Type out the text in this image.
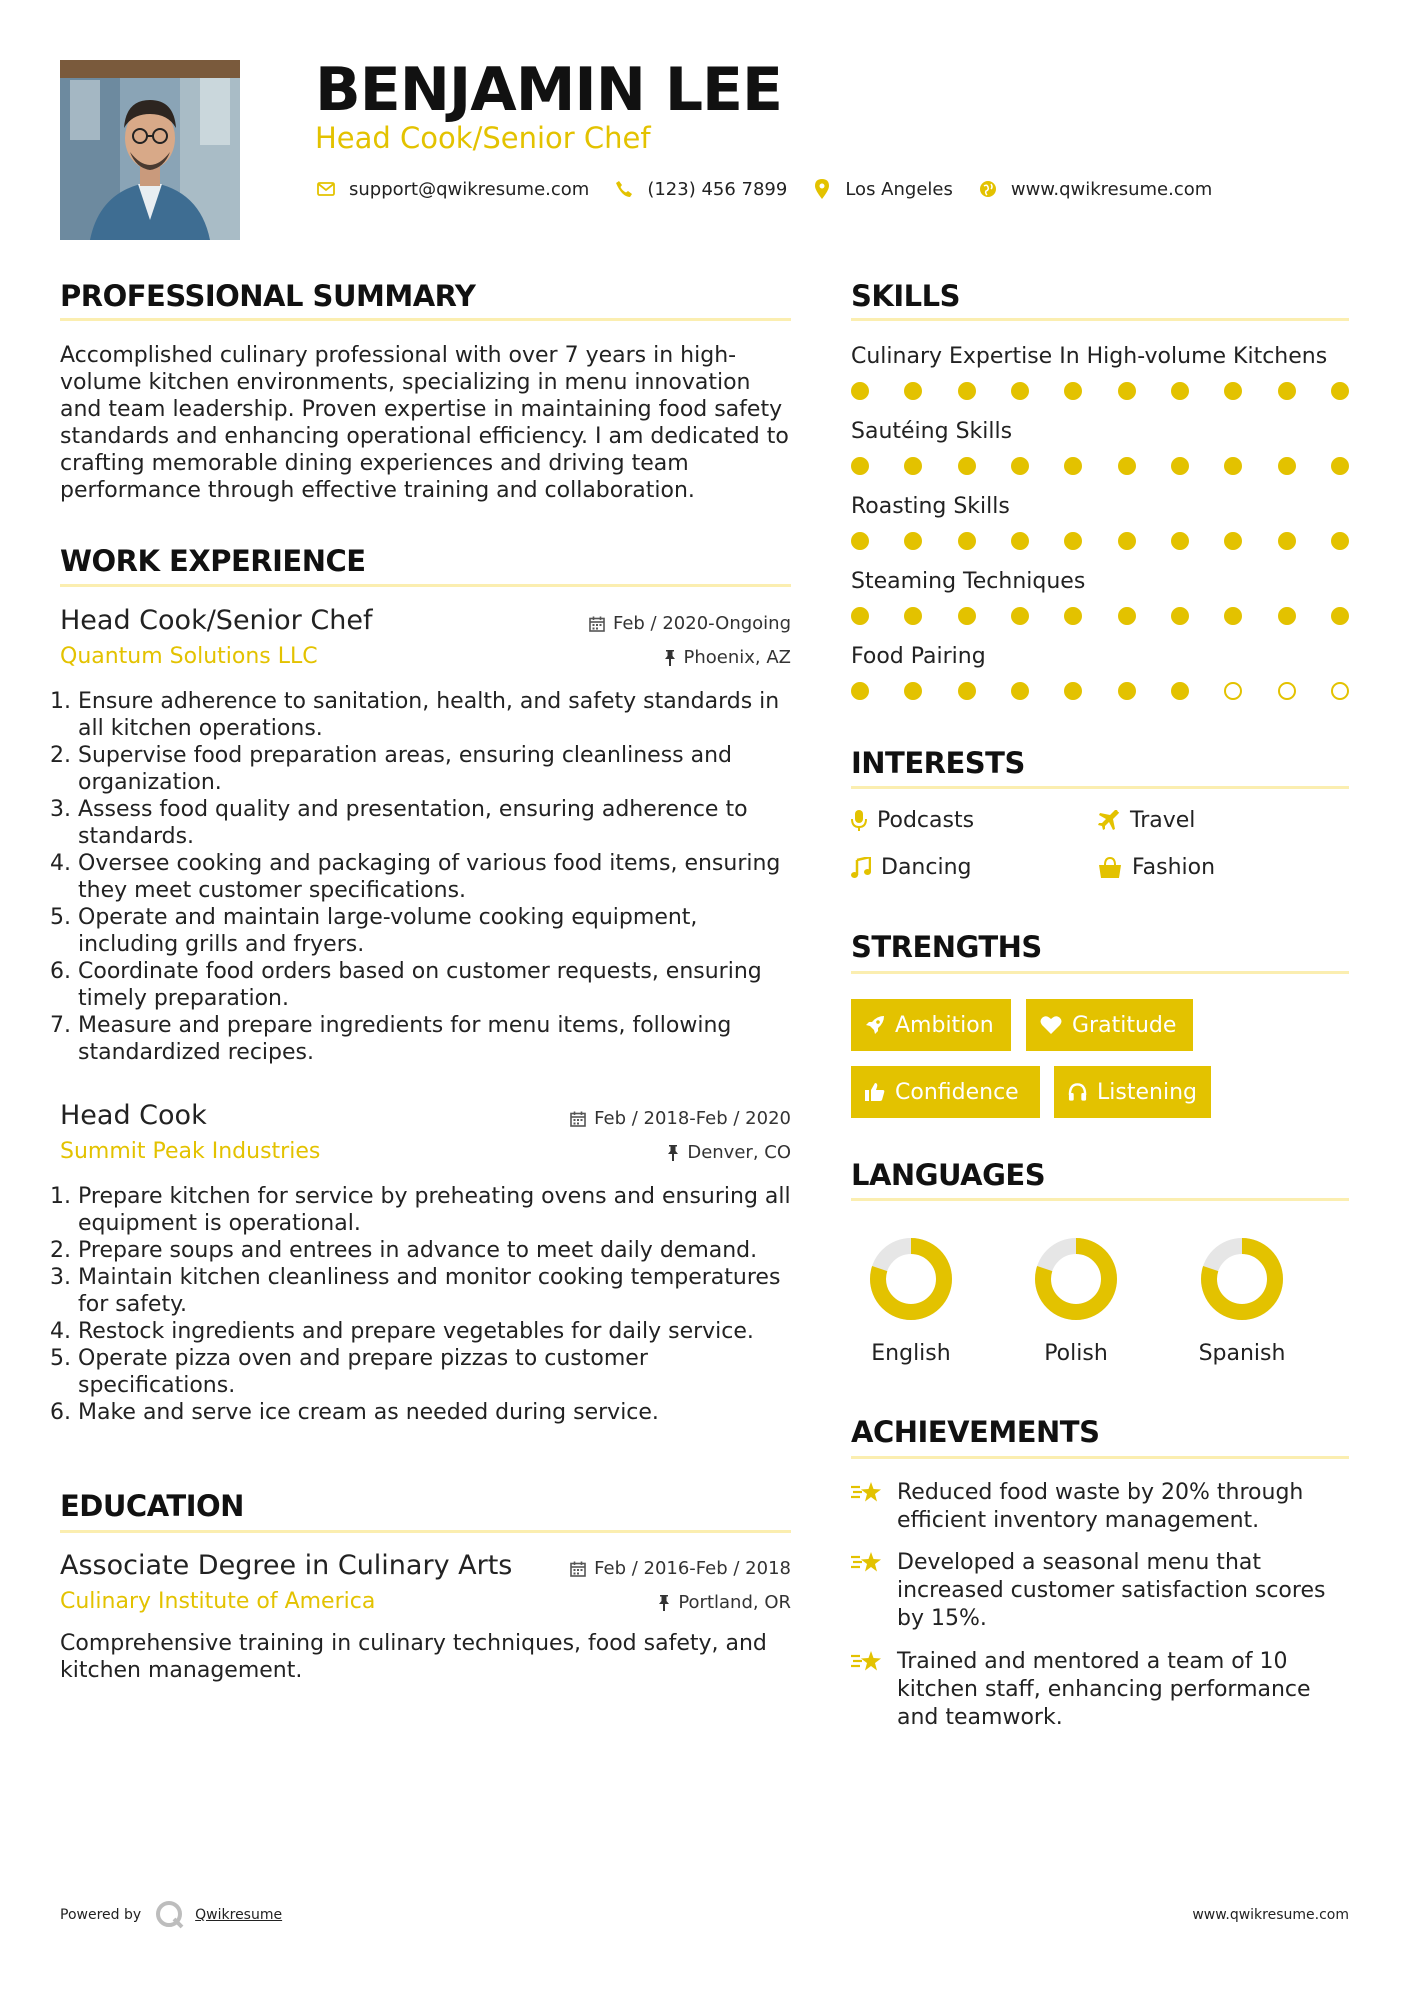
BENJAMIN LEE
Head Cook/Senior Chef
support@qwikresume.com	(123) 456 7899	Los Angeles	www.qwikresume.com
PROFESSIONAL SUMMARY
Accomplished culinary professional with over 7 years in high-volume kitchen environments, specializing in menu innovation and team leadership. Proven expertise in maintaining food safety standards and enhancing operational efficiency. I am dedicated to crafting memorable dining experiences and driving team performance through effective training and collaboration.
WORK EXPERIENCE
Head Cook/Senior Chef
Quantum Solutions LLC
Feb / 2020-Ongoing
Phoenix, AZ
1. Ensure adherence to sanitation, health, and safety standards in all kitchen operations.
2. Supervise food preparation areas, ensuring cleanliness and organization.
3. Assess food quality and presentation, ensuring adherence to standards.
4. Oversee cooking and packaging of various food items, ensuring they meet customer specifications.
5. Operate and maintain large-volume cooking equipment, including grills and fryers.
6. Coordinate food orders based on customer requests, ensuring timely preparation.
7. Measure and prepare ingredients for menu items, following standardized recipes.
Head Cook
Summit Peak Industries
Feb / 2018-Feb / 2020
Denver, CO
1. Prepare kitchen for service by preheating ovens and ensuring all equipment is operational.
2. Prepare soups and entrees in advance to meet daily demand.
3. Maintain kitchen cleanliness and monitor cooking temperatures for safety.
4. Restock ingredients and prepare vegetables for daily service.
5. Operate pizza oven and prepare pizzas to customer specifications.
6. Make and serve ice cream as needed during service.
EDUCATION
Associate Degree in Culinary Arts
Culinary Institute of America
Feb / 2016-Feb / 2018
Portland, OR
Comprehensive training in culinary techniques, food safety, and kitchen management.
SKILLS
Culinary Expertise In High-volume Kitchens
Sautéing Skills
Roasting Skills
Steaming Techniques
Food Pairing
INTERESTS
Podcasts	Travel
Dancing	Fashion
STRENGTHS
Ambition	Gratitude
Confidence	Listening
LANGUAGES
English	Polish	Spanish
ACHIEVEMENTS
Reduced food waste by 20% through efficient inventory management.
Developed a seasonal menu that increased customer satisfaction scores by 15%.
Trained and mentored a team of 10 kitchen staff, enhancing performance and teamwork.
Powered by	Qwikresume	www.qwikresume.com
